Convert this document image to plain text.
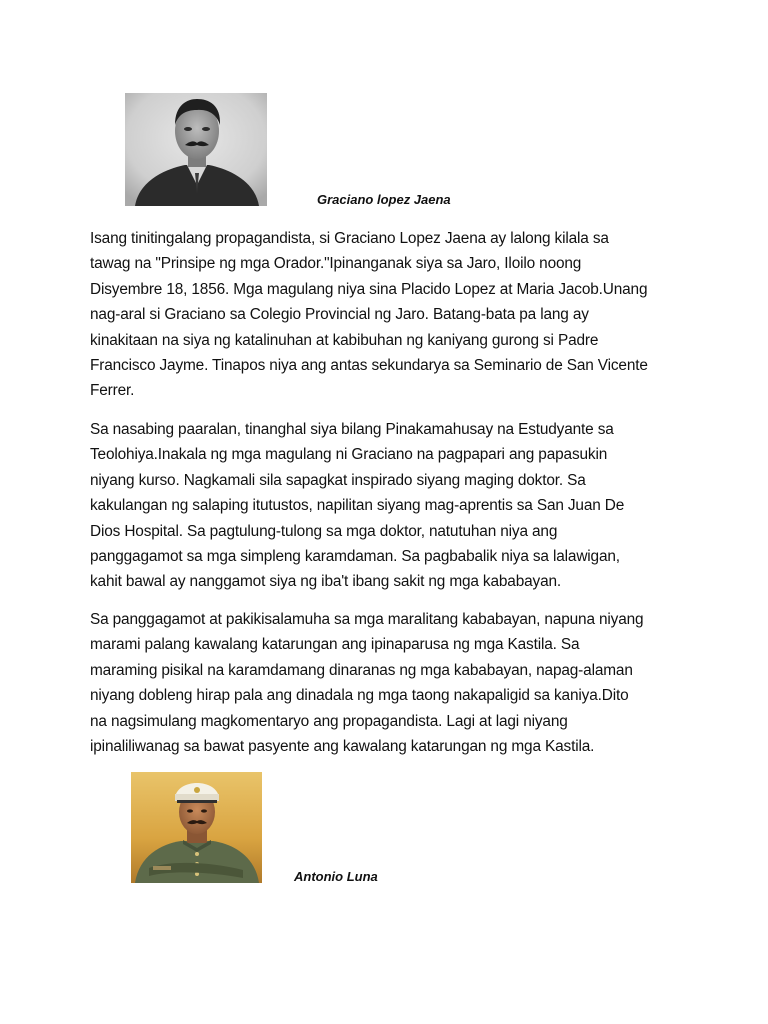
Graciano lopez Jaena

Isang tinitingalang propagandista, si Graciano Lopez Jaena ay lalong kilala sa
tawag na "Prinsipe ng mga Orador."Ipinanganak siya sa Jaro, Iloilo noong
Disyembre 18, 1856. Mga magulang niya sina Placido Lopez at Maria Jacob.Unang
nag-aral si Graciano sa Colegio Provincial ng Jaro. Batang-bata pa lang ay
kinakitaan na siya ng katalinuhan at kabibuhan ng kaniyang gurong si Padre
Francisco Jayme. Tinapos niya ang antas sekundarya sa Seminario de San Vicente
Ferrer.

Sa nasabing paaralan, tinanghal siya bilang Pinakamahusay na Estudyante sa
Teolohiya.Inakala ng mga magulang ni Graciano na pagpapari ang papasukin
niyang kurso. Nagkamali sila sapagkat inspirado siyang maging doktor. Sa
kakulangan ng salaping itutustos, napilitan siyang mag-aprentis sa San Juan De
Dios Hospital. Sa pagtulung-tulong sa mga doktor, natutuhan niya ang
panggagamot sa mga simpleng karamdaman. Sa pagbabalik niya sa lalawigan,
kahit bawal ay nanggamot siya ng iba't ibang sakit ng mga kababayan.

Sa panggagamot at pakikisalamuha sa mga maralitang kababayan, napuna niyang
marami palang kawalang katarungan ang ipinaparusa ng mga Kastila. Sa
maraming pisikal na karamdamang dinaranas ng mga kababayan, napag-alaman
niyang dobleng hirap pala ang dinadala ng mga taong nakapaligid sa kaniya.Dito
na nagsimulang magkomentaryo ang propagandista. Lagi at lagi niyang
ipinaliliwanag sa bawat pasyente ang kawalang katarungan ng mga Kastila.

Antonio Luna
